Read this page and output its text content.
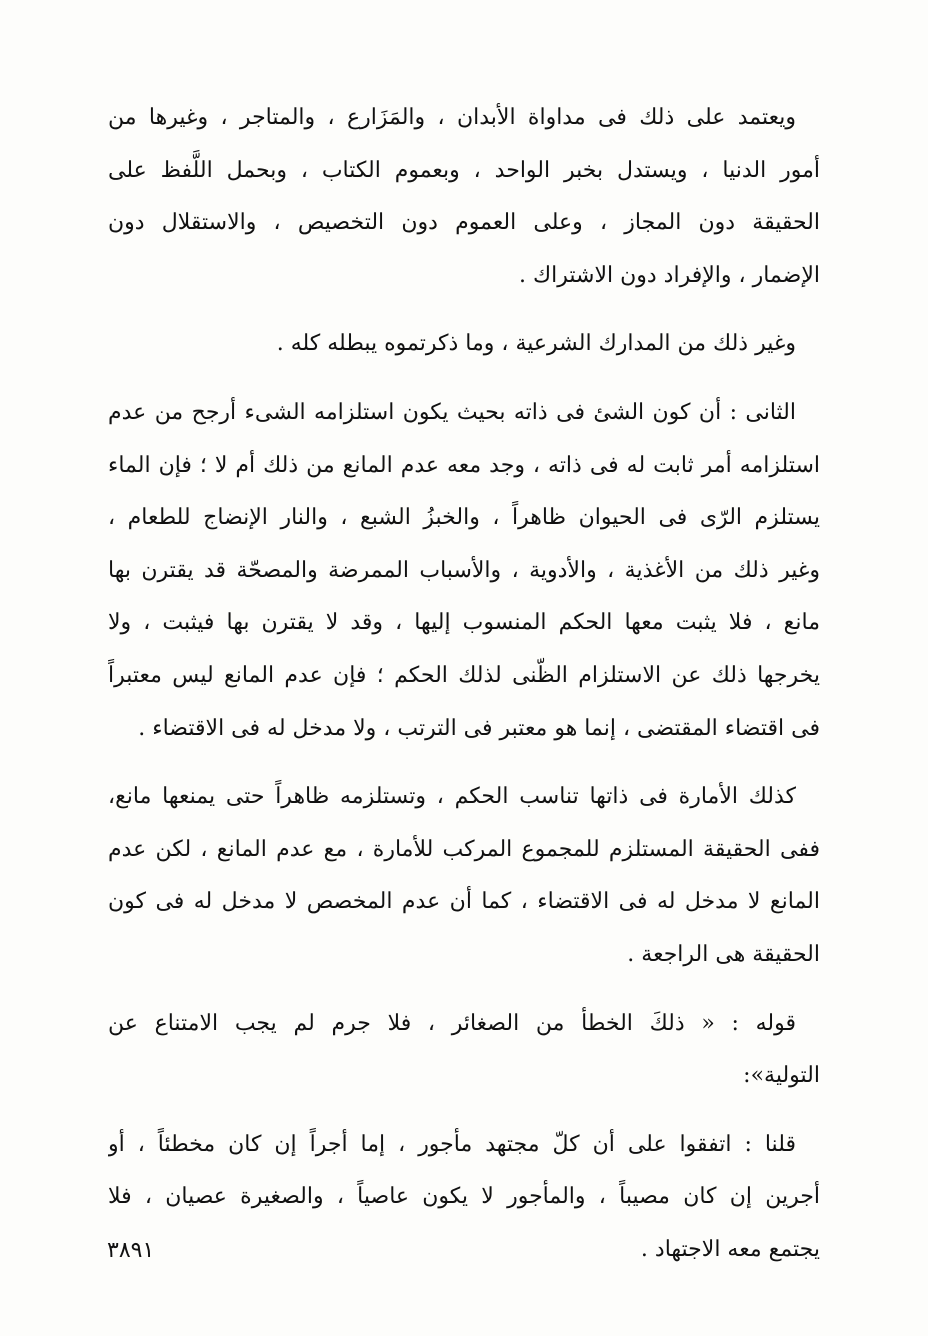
ويعتمد على ذلك فى مداواة الأبدان ، والمَزَارع ، والمتاجر ، وغيرها من
أمور الدنيا ، ويستدل بخبر الواحد ، وبعموم الكتاب ، وبحمل اللَّفظ على
الحقيقة دون المجاز ، وعلى العموم دون التخصيص ، والاستقلال دون
الإضمار ، والإفراد دون الاشتراك .

وغير ذلك من المدارك الشرعية ، وما ذكرتموه يبطله كله .

الثانى : أن كون الشئ فى ذاته بحيث يكون استلزامه الشىء أرجح من عدم
استلزامه أمر ثابت له فى ذاته ، وجد معه عدم المانع من ذلك أم لا ؛ فإن الماء
يستلزم الرّى فى الحيوان ظاهراً ، والخبزُ الشبع ، والنار الإنضاج للطعام ،
وغير ذلك من الأغذية ، والأدوية ، والأسباب الممرضة والمصحّة قد يقترن بها
مانع ، فلا يثبت معها الحكم المنسوب إليها ، وقد لا يقترن بها فيثبت ، ولا
يخرجها ذلك عن الاستلزام الظّنى لذلك الحكم ؛ فإن عدم المانع ليس معتبراً
فى اقتضاء المقتضى ، إنما هو معتبر فى الترتب ، ولا مدخل له فى الاقتضاء .

كذلك الأمارة فى ذاتها تناسب الحكم ، وتستلزمه ظاهراً حتى يمنعها مانع،
ففى الحقيقة المستلزم للمجموع المركب للأمارة ، مع عدم المانع ، لكن عدم
المانع لا مدخل له فى الاقتضاء ، كما أن عدم المخصص لا مدخل له فى كون
الحقيقة هى الراجعة .

قوله : « ذلكَ الخطأ من الصغائر ، فلا جرم لم يجب الامتناع عن
التولية»:

قلنا : اتفقوا على أن كلّ مجتهد مأجور ، إما أجراً إن كان مخطئاً ، أو
أجرين إن كان مصيباً ، والمأجور لا يكون عاصياً ، والصغيرة عصيان ، فلا
يجتمع معه الاجتهاد .

٣٨٩١
